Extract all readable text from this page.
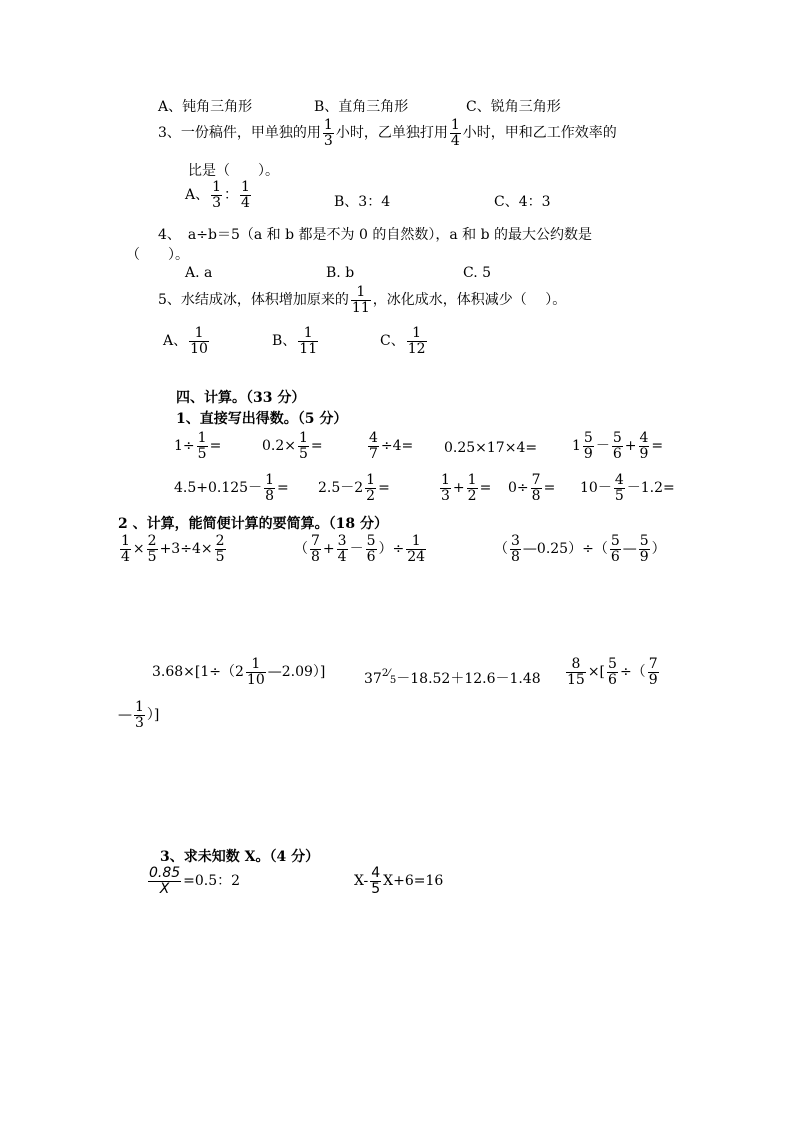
A、钝角三角形	B、直角三角形	C、锐角三角形
3、一份稿件，甲单独的用 $\frac{1}{3}$ 小时，乙单独打用 $\frac{1}{4}$ 小时，甲和乙工作效率的
比是（　　）。
A、 $\frac{1}{3}$ ： $\frac{1}{4}$	B、3：4	C、4：3
4、　a÷b＝5（a 和 b 都是不为 0 的自然数），a 和 b 的最大公约数是
（　　）。
A. a	B. b	C. 5
5、水结成冰，体积增加原来的 $\frac{1}{11}$ ，冰化成水，体积减少（　 ）。
A、 $\frac{1}{10}$	B、 $\frac{1}{11}$	C、 $\frac{1}{12}$
四、计算。（33 分）
1、直接写出得数。（5 分）
$1\div \frac{1}{5}$ =	$0.2\times \frac{1}{5}$ =	$\frac{4}{7} \div 4= 0.25\times 17\times 4= 1 \frac{5}{9} - \frac{5}{6} + \frac{4}{9}$ =
$4.5+0.125- \frac{1}{8} = 2.5-2 \frac{1}{2}$ =	$\frac{1}{3} + \frac{1}{2} = 0\div \frac{7}{8} = 10- \frac{4}{5} -1.2=$
2 、计算，能简便计算的要简算。（18 分）
$\frac{1}{4} \times \frac{2}{5} +3\div 4\times \frac{2}{5}$	（ $\frac{7}{8} + \frac{3}{4} - \frac{5}{6}$ ）÷ $\frac{1}{24}$	（ $\frac{3}{8}$ —0.25）÷（ $\frac{5}{6}$ — $\frac{5}{9}$ ）
$3.68\times[1\div(2 \frac{1}{10}$ —2.09）]	$37^{2⁄}5-18.52+12.6-1.48 \frac{8}{15}$ ×[ $\frac{5}{6}$ ÷（ $\frac{7}{9}$
— $\frac{1}{3}$ ）]
3、求未知数 X。（4 分）
$\frac{0.85}{X} =0.5$：2	$X- \frac{4}{5} X+6=16$
